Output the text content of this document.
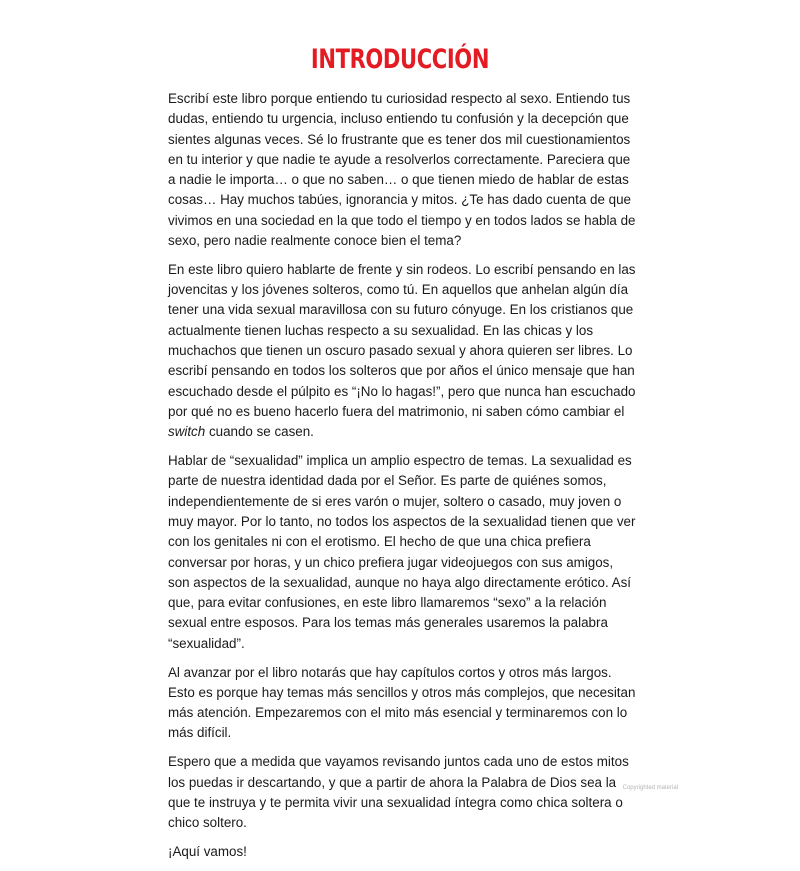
INTRODUCCIÓN

Escribí este libro porque entiendo tu curiosidad respecto al sexo. Entiendo tus dudas, entiendo tu urgencia, incluso entiendo tu confusión y la decepción que sientes algunas veces. Sé lo frustrante que es tener dos mil cuestionamientos en tu interior y que nadie te ayude a resolverlos correctamente. Pareciera que a nadie le importa… o que no saben… o que tienen miedo de hablar de estas cosas… Hay muchos tabúes, ignorancia y mitos. ¿Te has dado cuenta de que vivimos en una sociedad en la que todo el tiempo y en todos lados se habla de sexo, pero nadie realmente conoce bien el tema?

En este libro quiero hablarte de frente y sin rodeos. Lo escribí pensando en las jovencitas y los jóvenes solteros, como tú. En aquellos que anhelan algún día tener una vida sexual maravillosa con su futuro cónyuge. En los cristianos que actualmente tienen luchas respecto a su sexualidad. En las chicas y los muchachos que tienen un oscuro pasado sexual y ahora quieren ser libres. Lo escribí pensando en todos los solteros que por años el único mensaje que han escuchado desde el púlpito es “¡No lo hagas!”, pero que nunca han escuchado por qué no es bueno hacerlo fuera del matrimonio, ni saben cómo cambiar el switch cuando se casen.

Hablar de “sexualidad” implica un amplio espectro de temas. La sexualidad es parte de nuestra identidad dada por el Señor. Es parte de quiénes somos, independientemente de si eres varón o mujer, soltero o casado, muy joven o muy mayor. Por lo tanto, no todos los aspectos de la sexualidad tienen que ver con los genitales ni con el erotismo. El hecho de que una chica prefiera conversar por horas, y un chico prefiera jugar videojuegos con sus amigos, son aspectos de la sexualidad, aunque no haya algo directamente erótico. Así que, para evitar confusiones, en este libro llamaremos “sexo” a la relación sexual entre esposos. Para los temas más generales usaremos la palabra “sexualidad”.

Al avanzar por el libro notarás que hay capítulos cortos y otros más largos. Esto es porque hay temas más sencillos y otros más complejos, que necesitan más atención. Empezaremos con el mito más esencial y terminaremos con lo más difícil.

Espero que a medida que vayamos revisando juntos cada uno de estos mitos los puedas ir descartando, y que a partir de ahora la Palabra de Dios sea la que te instruya y te permita vivir una sexualidad íntegra como chica soltera o chico soltero.

¡Aquí vamos!

Copyrighted material
